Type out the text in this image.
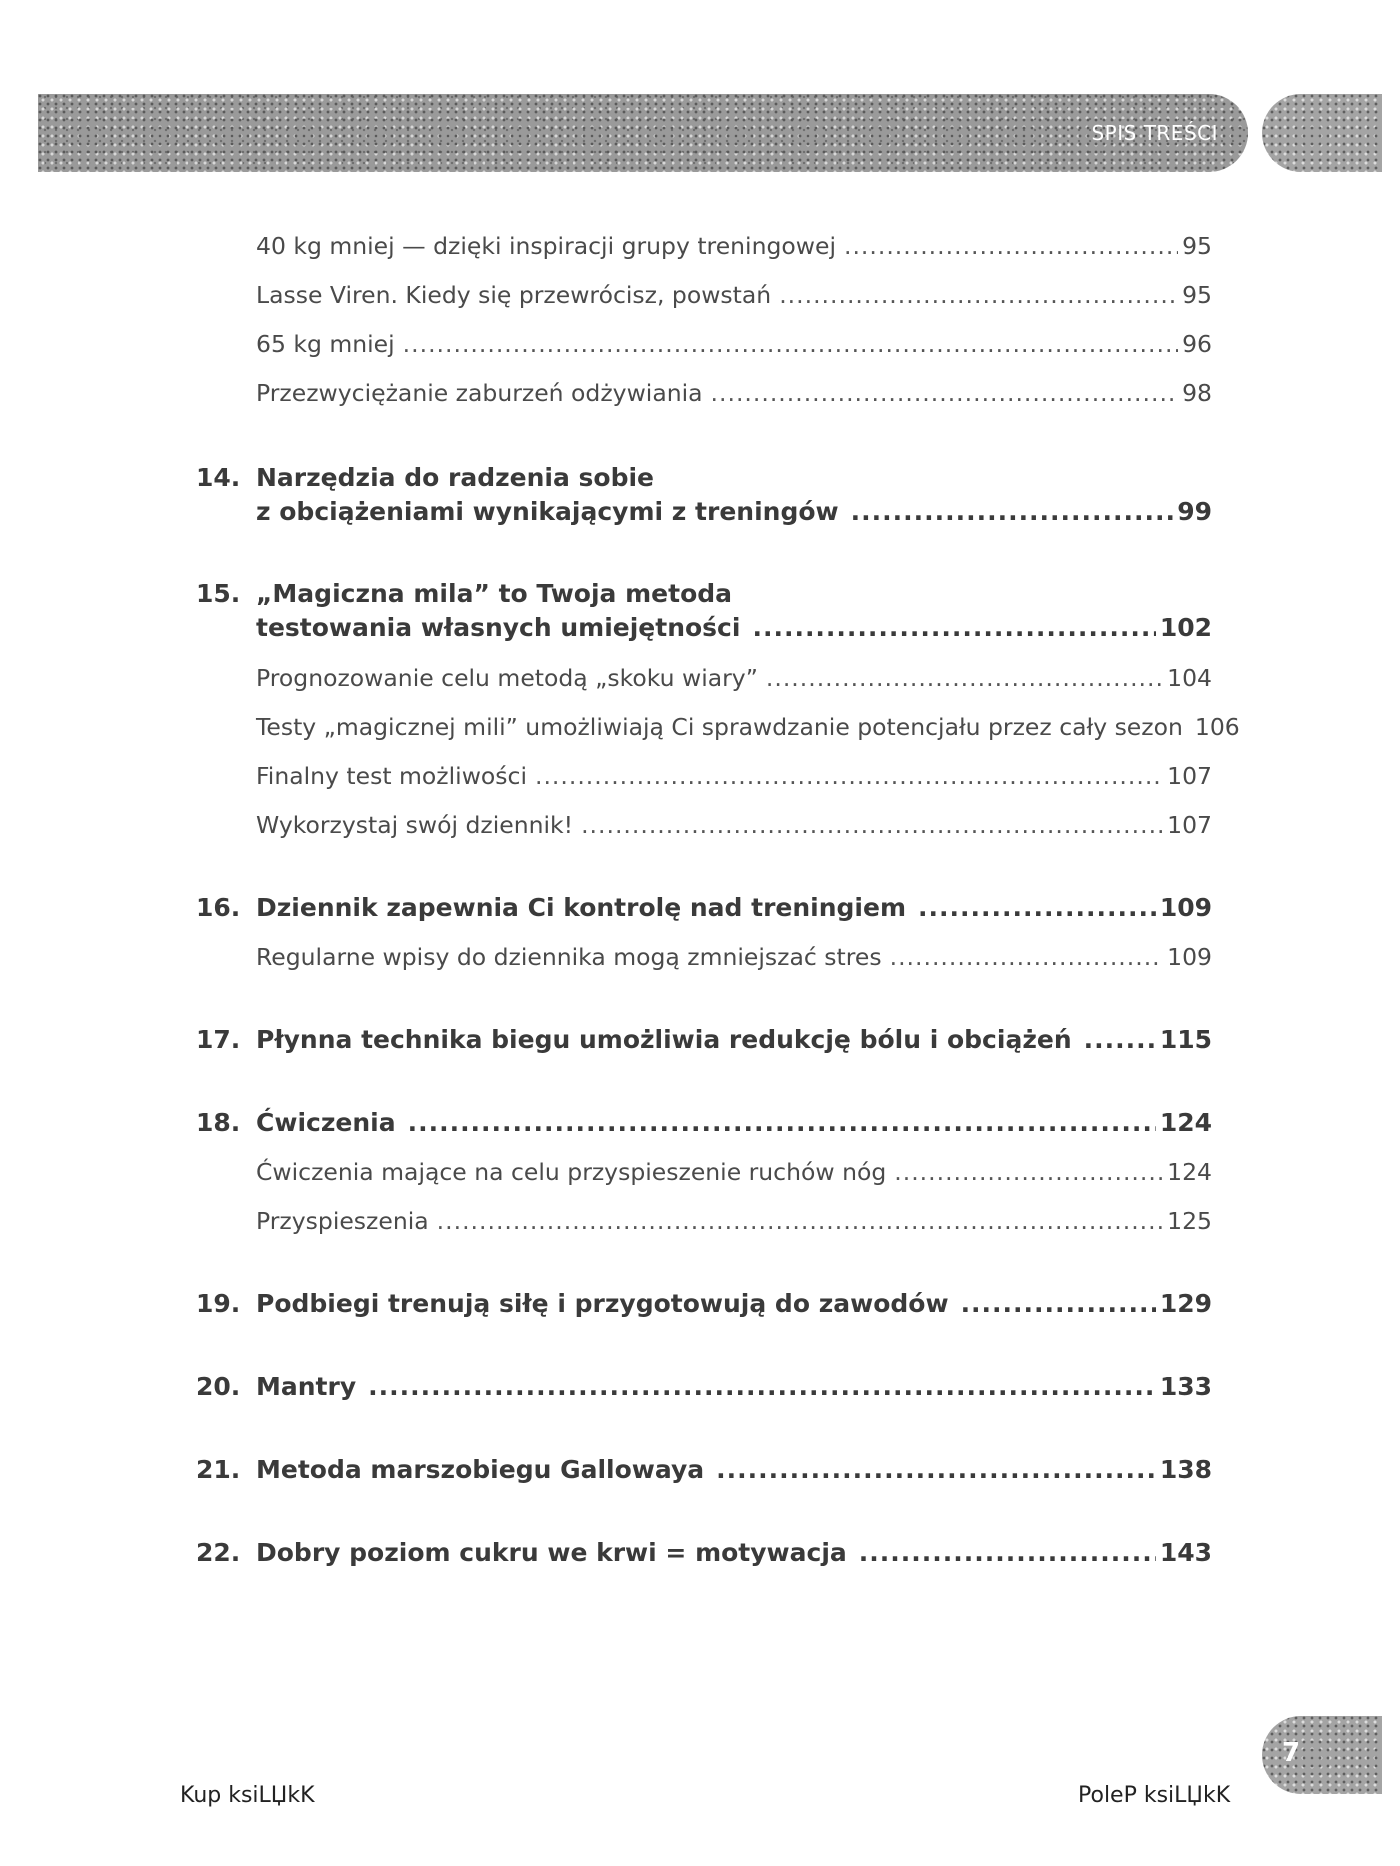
SPIS TREŚCI
40 kg mniej — dzięki inspiracji grupy treningowej .....	95
Lasse Viren. Kiedy się przewrócisz, powstań .....	95
65 kg mniej .....	96
Przezwyciężanie zaburzeń odżywiania .....	98
14. Narzędzia do radzenia sobie
z obciążeniami wynikającymi z treningów .....	99
15. „Magiczna mila” to Twoja metoda
testowania własnych umiejętności .....	102
Prognozowanie celu metodą „skoku wiary” .....	104
Testy „magicznej mili” umożliwiają Ci sprawdzanie potencjału przez cały sezon 106
Finalny test możliwości .....	107
Wykorzystaj swój dziennik! .....	107
16. Dziennik zapewnia Ci kontrolę nad treningiem .....	109
Regularne wpisy do dziennika mogą zmniejszać stres .....	109
17. Płynna technika biegu umożliwia redukcję bólu i obciążeń .....	115
18. Ćwiczenia .....	124
Ćwiczenia mające na celu przyspieszenie ruchów nóg .....	124
Przyspieszenia .....	125
19. Podbiegi trenują siłę i przygotowują do zawodów .....	129
20. Mantry .....	133
21. Metoda marszobiegu Gallowaya .....	138
22. Dobry poziom cukru we krwi = motywacja .....	143
7
Kup ksiLЏkK	PoleP ksiLЏkK
